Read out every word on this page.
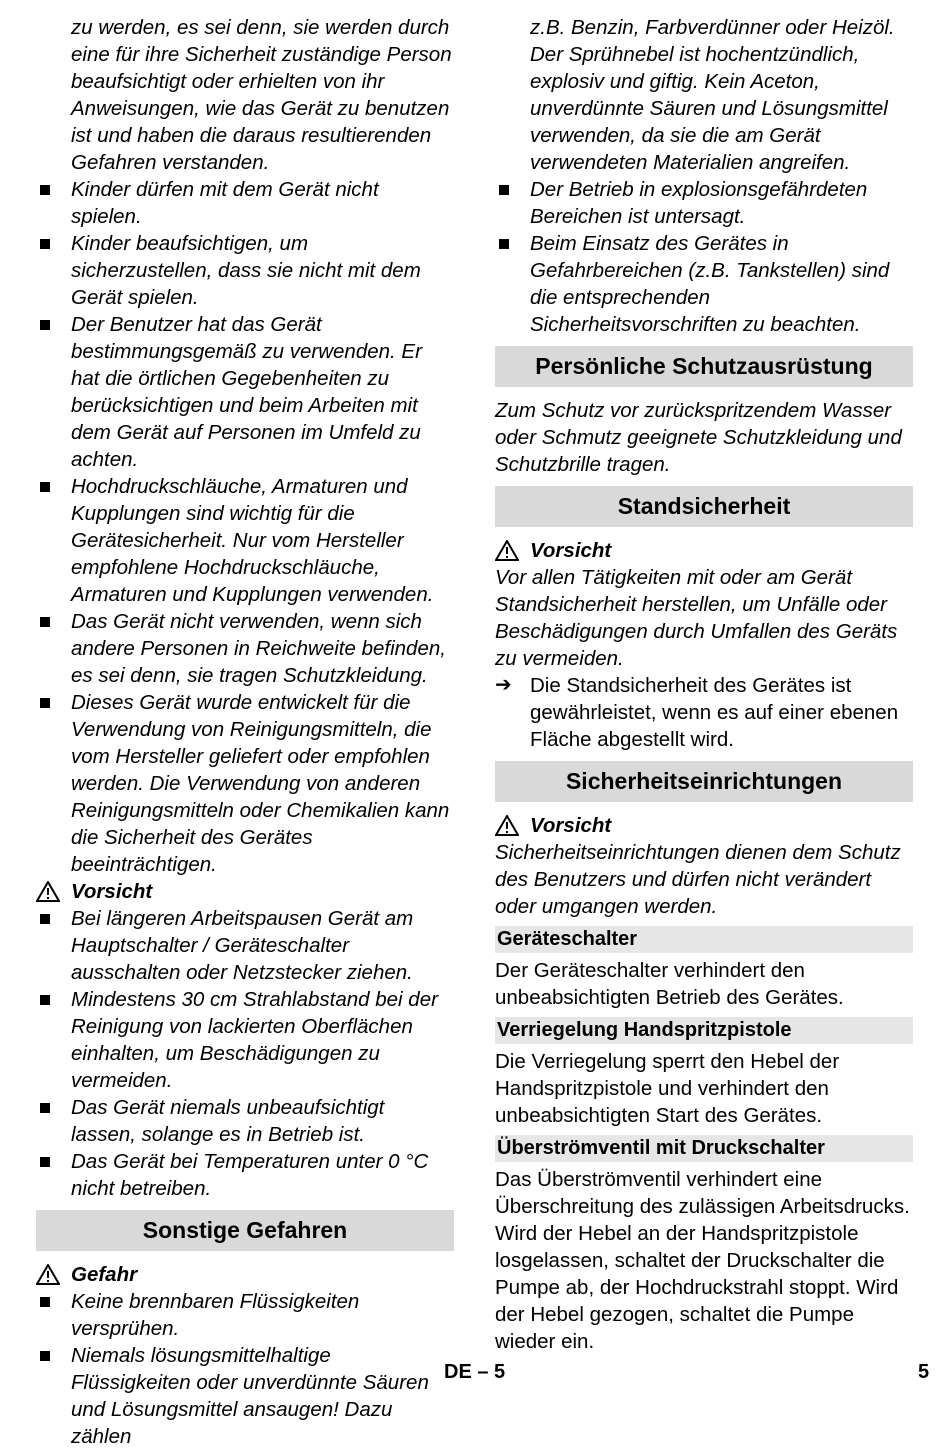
zu werden, es sei denn, sie werden durch eine für ihre Sicherheit zuständige Person beaufsichtigt oder erhielten von ihr Anweisungen, wie das Gerät zu benutzen ist und haben die daraus resultierenden Gefahren verstanden.
Kinder dürfen mit dem Gerät nicht spielen.
Kinder beaufsichtigen, um sicherzustellen, dass sie nicht mit dem Gerät spielen.
Der Benutzer hat das Gerät bestimmungsgemäß zu verwenden. Er hat die örtlichen Gegebenheiten zu berücksichtigen und beim Arbeiten mit dem Gerät auf Personen im Umfeld zu achten.
Hochdruckschläuche, Armaturen und Kupplungen sind wichtig für die Gerätesicherheit. Nur vom Hersteller empfohlene Hochdruckschläuche, Armaturen und Kupplungen verwenden.
Das Gerät nicht verwenden, wenn sich andere Personen in Reichweite befinden, es sei denn, sie tragen Schutzkleidung.
Dieses Gerät wurde entwickelt für die Verwendung von Reinigungsmitteln, die vom Hersteller geliefert oder empfohlen werden. Die Verwendung von anderen Reinigungsmitteln oder Chemikalien kann die Sicherheit des Gerätes beeinträchtigen.
Vorsicht
Bei längeren Arbeitspausen Gerät am Hauptschalter / Geräteschalter ausschalten oder Netzstecker ziehen.
Mindestens 30 cm Strahlabstand bei der Reinigung von lackierten Oberflächen einhalten, um Beschädigungen zu vermeiden.
Das Gerät niemals unbeaufsichtigt lassen, solange es in Betrieb ist.
Das Gerät bei Temperaturen unter 0 °C nicht betreiben.
Sonstige Gefahren
Gefahr
Keine brennbaren Flüssigkeiten versprühen.
Niemals lösungsmittelhaltige Flüssigkeiten oder unverdünnte Säuren und Lösungsmittel ansaugen! Dazu zählen
z.B. Benzin, Farbverdünner oder Heizöl. Der Sprühnebel ist hochentzündlich, explosiv und giftig. Kein Aceton, unverdünnte Säuren und Lösungsmittel verwenden, da sie die am Gerät verwendeten Materialien angreifen.
Der Betrieb in explosionsgefährdeten Bereichen ist untersagt.
Beim Einsatz des Gerätes in Gefahrbereichen (z.B. Tankstellen) sind die entsprechenden Sicherheitsvorschriften zu beachten.
Persönliche Schutzausrüstung
Zum Schutz vor zurückspritzendem Wasser oder Schmutz geeignete Schutzkleidung und Schutzbrille tragen.
Standsicherheit
Vorsicht
Vor allen Tätigkeiten mit oder am Gerät Standsicherheit herstellen, um Unfälle oder Beschädigungen durch Umfallen des Geräts zu vermeiden.
➔ Die Standsicherheit des Gerätes ist gewährleistet, wenn es auf einer ebenen Fläche abgestellt wird.
Sicherheitseinrichtungen
Vorsicht
Sicherheitseinrichtungen dienen dem Schutz des Benutzers und dürfen nicht verändert oder umgangen werden.
Geräteschalter
Der Geräteschalter verhindert den unbeabsichtigten Betrieb des Gerätes.
Verriegelung Handspritzpistole
Die Verriegelung sperrt den Hebel der Handspritzpistole und verhindert den unbeabsichtigten Start des Gerätes.
Überströmventil mit Druckschalter
Das Überströmventil verhindert eine Überschreitung des zulässigen Arbeitsdrucks. Wird der Hebel an der Handspritzpistole losgelassen, schaltet der Druckschalter die Pumpe ab, der Hochdruckstrahl stoppt. Wird der Hebel gezogen, schaltet die Pumpe wieder ein.
DE – 5	5
